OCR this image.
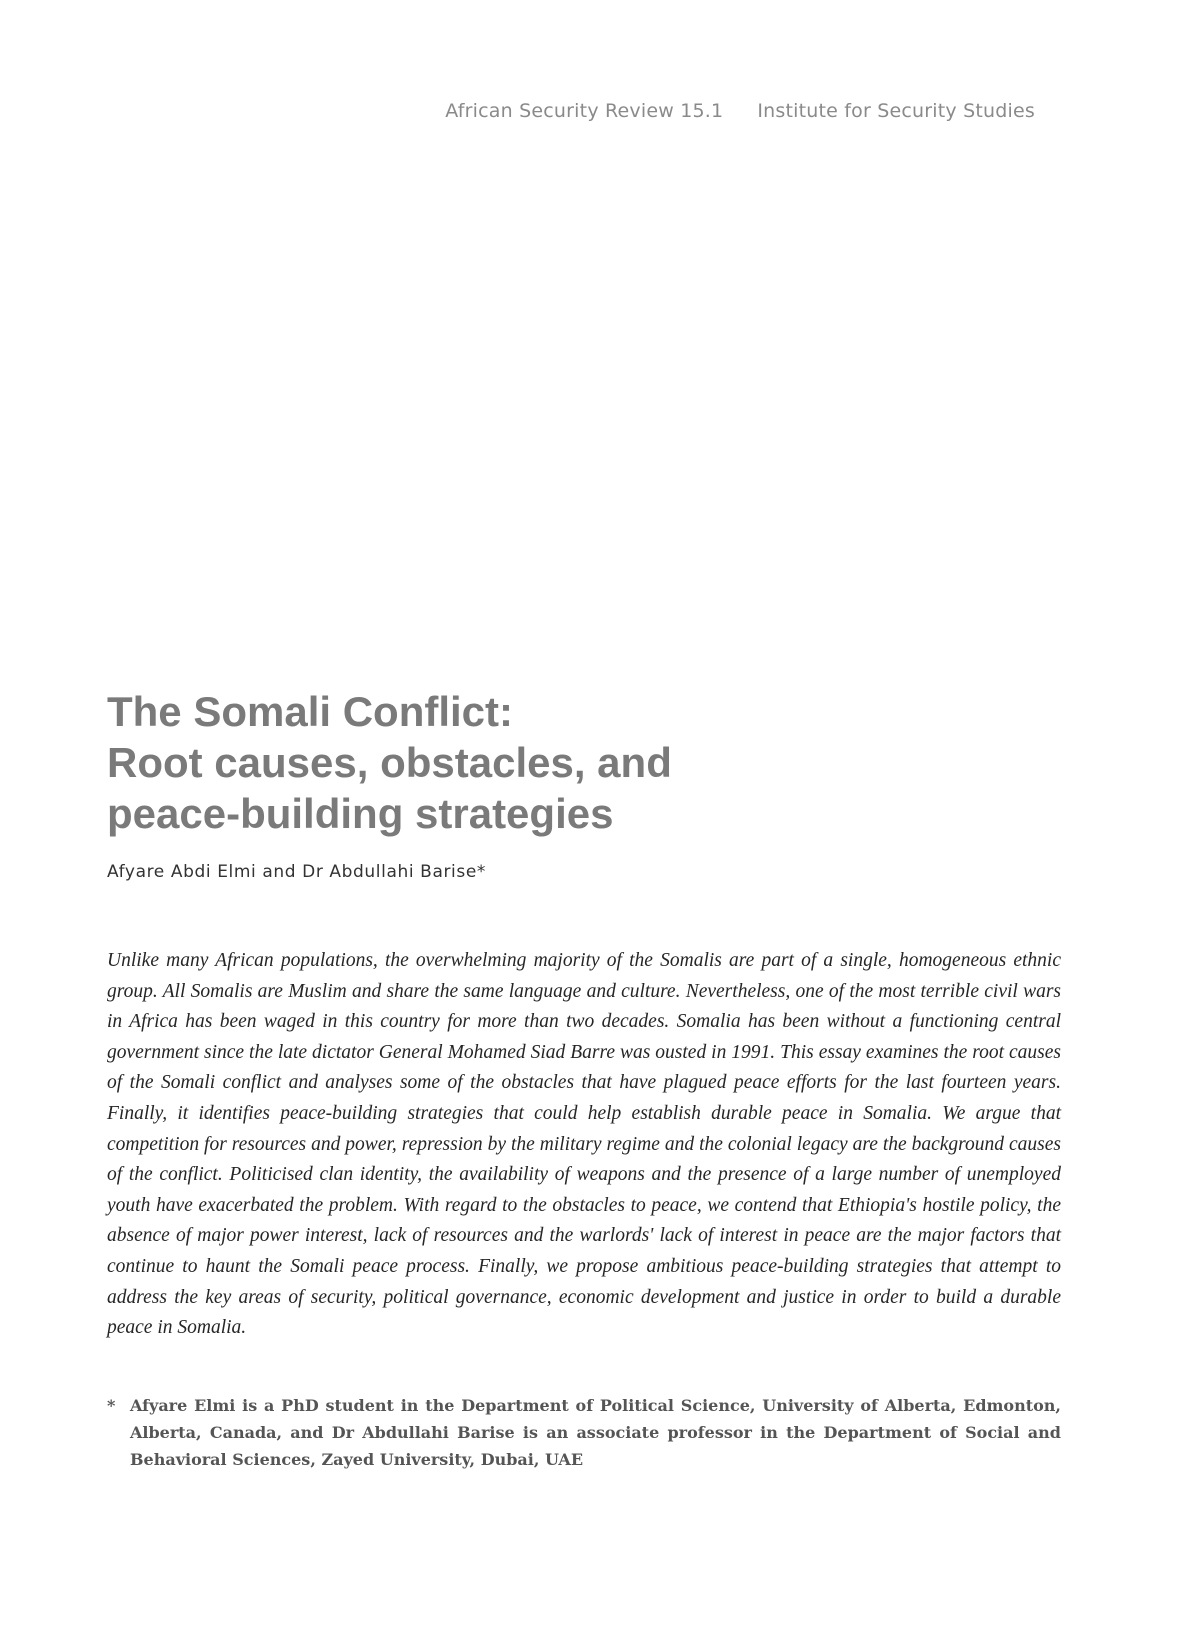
African Security Review 15.1 Institute for Security Studies
The Somali Conflict:
Root causes, obstacles, and
peace-building strategies
Afyare Abdi Elmi and Dr Abdullahi Barise*

Unlike many African populations, the overwhelming majority of the Somalis are part of a single, homogeneous ethnic group. All Somalis are Muslim and share the same language and culture. Nevertheless, one of the most terrible civil wars in Africa has been waged in this country for more than two decades. Somalia has been without a functioning central government since the late dictator General Mohamed Siad Barre was ousted in 1991. This essay examines the root causes of the Somali conflict and analyses some of the obstacles that have plagued peace efforts for the last fourteen years. Finally, it identifies peace-building strategies that could help establish durable peace in Somalia. We argue that competition for resources and power, repression by the military regime and the colonial legacy are the background causes of the conflict. Politicised clan identity, the availability of weapons and the presence of a large number of unemployed youth have exacerbated the problem. With regard to the obstacles to peace, we contend that Ethiopia's hostile policy, the absence of major power interest, lack of resources and the warlords' lack of interest in peace are the major factors that continue to haunt the Somali peace process. Finally, we propose ambitious peace-building strategies that attempt to address the key areas of security, political governance, economic development and justice in order to build a durable peace in Somalia.

* Afyare Elmi is a PhD student in the Department of Political Science, University of Alberta, Edmonton, Alberta, Canada, and Dr Abdullahi Barise is an associate professor in the Department of Social and Behavioral Sciences, Zayed University, Dubai, UAE
